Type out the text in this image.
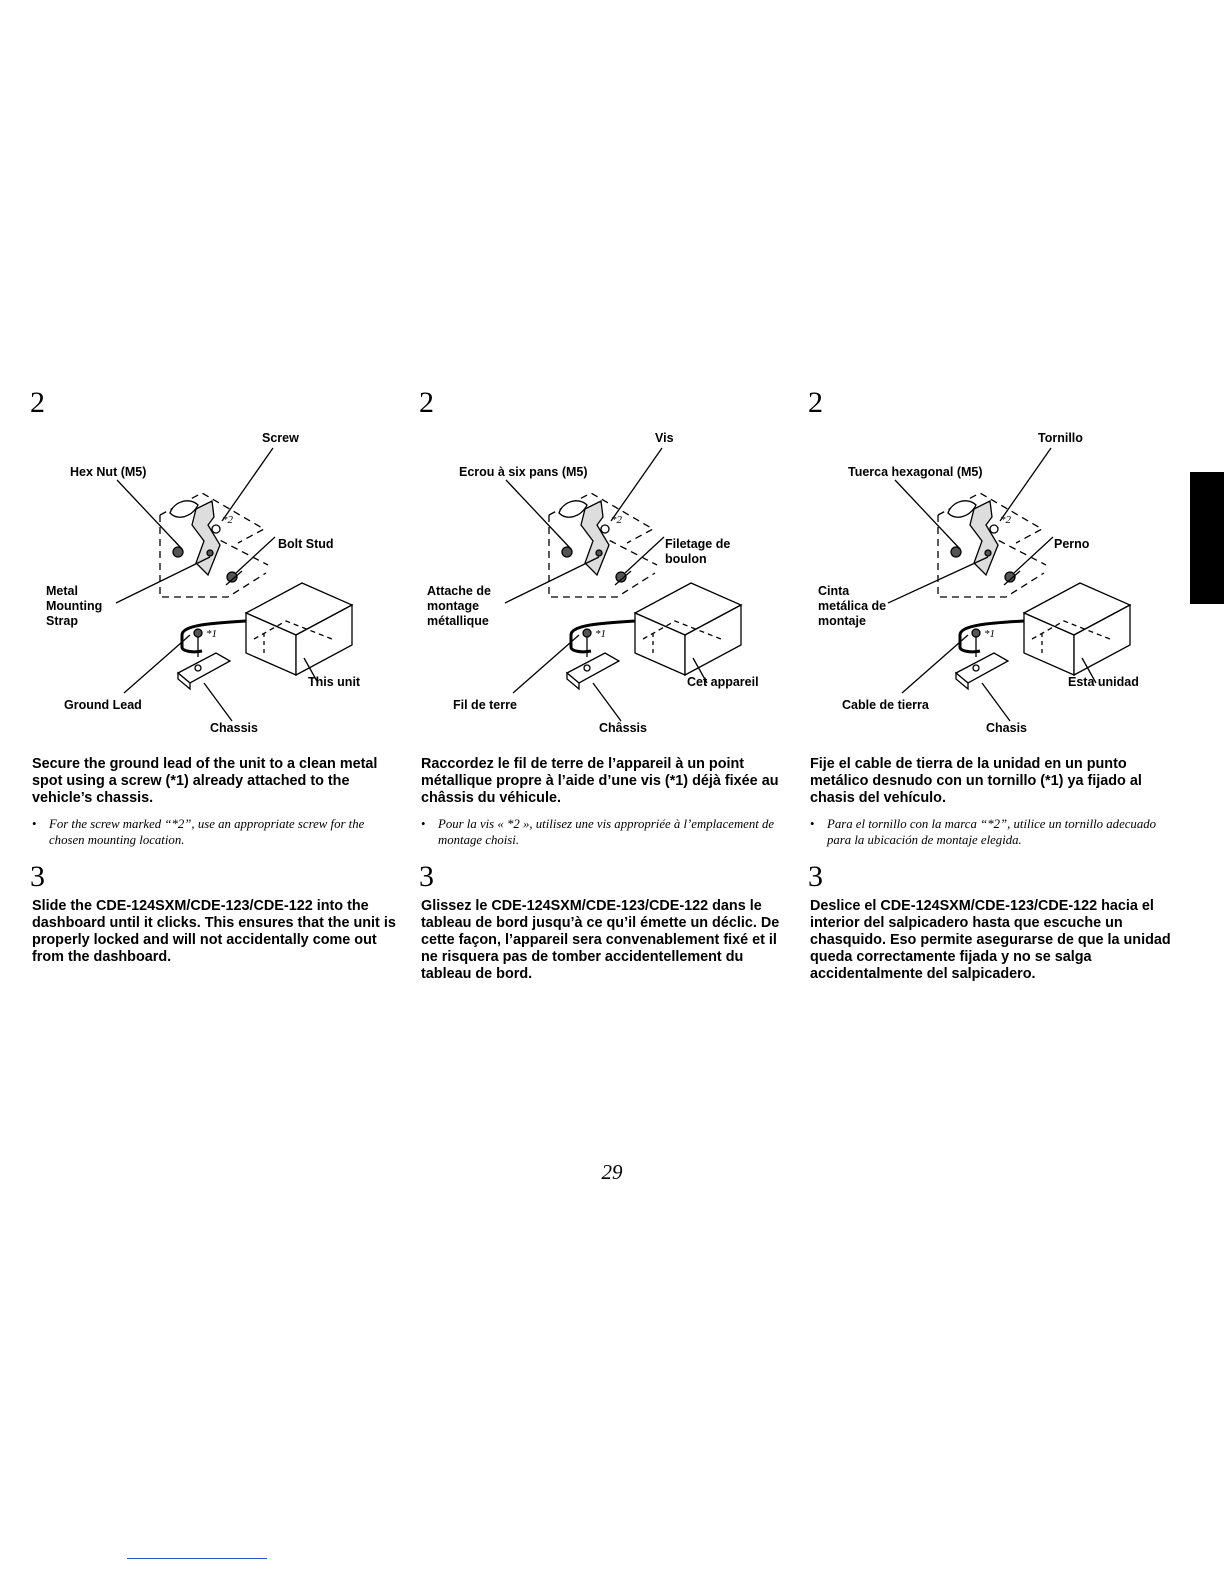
2
Screw
Hex Nut (M5)
Bolt Stud
Metal
Mounting
Strap
Ground Lead
This unit
Chassis
*1
*2

Secure the ground lead of the unit to a clean metal spot using a screw (*1) already attached to the vehicle’s chassis.

• For the screw marked “*2”, use an appropriate screw for the chosen mounting location.
3

Slide the CDE-124SXM/CDE-123/CDE-122 into the dashboard until it clicks. This ensures that the unit is properly locked and will not accidentally come out from the dashboard.

2
Vis
Ecrou à six pans (M5)
Filetage de
boulon
Attache de
montage
métallique
Fil de terre
Cet appareil
Châssis
*1
*2

Raccordez le fil de terre de l’appareil à un point métallique propre à l’aide d’une vis (*1) déjà fixée au châssis du véhicule.

• Pour la vis « *2 », utilisez une vis appropriée à l’emplacement de montage choisi.
3

Glissez le CDE-124SXM/CDE-123/CDE-122 dans le tableau de bord jusqu’à ce qu’il émette un déclic. De cette façon, l’appareil sera convenablement fixé et il ne risquera pas de tomber accidentellement du tableau de bord.

2
Tornillo
Tuerca hexagonal (M5)
Perno
Cinta
metálica de
montaje
Cable de tierra
Esta unidad
Chasis
*1
*2

Fije el cable de tierra de la unidad en un punto metálico desnudo con un tornillo (*1) ya fijado al chasis del vehículo.

• Para el tornillo con la marca “*2”, utilice un tornillo adecuado para la ubicación de montaje elegida.
3

Deslice el CDE-124SXM/CDE-123/CDE-122 hacia el interior del salpicadero hasta que escuche un chasquido. Eso permite asegurarse de que la unidad queda correctamente fijada y no se salga accidentalmente del salpicadero.

29
